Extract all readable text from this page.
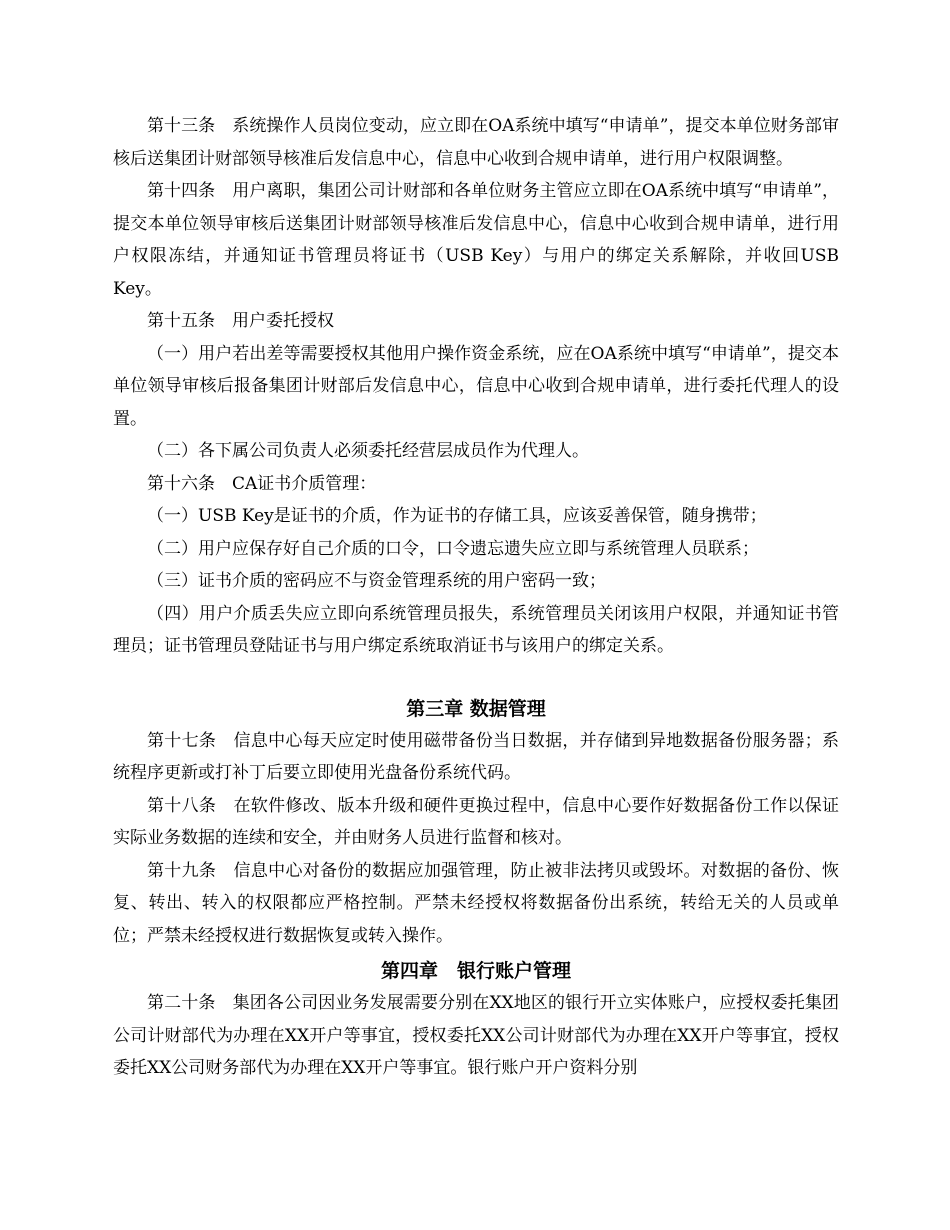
第十三条　系统操作人员岗位变动，应立即在OA系统中填写“申请单”，提交本单位财务部审核后送集团计财部领导核准后发信息中心，信息中心收到合规申请单，进行用户权限调整。

第十四条　用户离职，集团公司计财部和各单位财务主管应立即在OA系统中填写“申请单”，提交本单位领导审核后送集团计财部领导核准后发信息中心，信息中心收到合规申请单，进行用户权限冻结，并通知证书管理员将证书（USB Key）与用户的绑定关系解除，并收回USB Key。

第十五条　用户委托授权

（一）用户若出差等需要授权其他用户操作资金系统，应在OA系统中填写“申请单”，提交本单位领导审核后报备集团计财部后发信息中心，信息中心收到合规申请单，进行委托代理人的设置。

（二）各下属公司负责人必须委托经营层成员作为代理人。

第十六条　CA证书介质管理：

（一）USB Key是证书的介质，作为证书的存储工具，应该妥善保管，随身携带；

（二）用户应保存好自己介质的口令，口令遗忘遗失应立即与系统管理人员联系；

（三）证书介质的密码应不与资金管理系统的用户密码一致；

（四）用户介质丢失应立即向系统管理员报失，系统管理员关闭该用户权限，并通知证书管理员；证书管理员登陆证书与用户绑定系统取消证书与该用户的绑定关系。

第三章 数据管理

第十七条　信息中心每天应定时使用磁带备份当日数据，并存储到异地数据备份服务器；系统程序更新或打补丁后要立即使用光盘备份系统代码。

第十八条　在软件修改、版本升级和硬件更换过程中，信息中心要作好数据备份工作以保证实际业务数据的连续和安全，并由财务人员进行监督和核对。

第十九条　信息中心对备份的数据应加强管理，防止被非法拷贝或毁坏。对数据的备份、恢复、转出、转入的权限都应严格控制。严禁未经授权将数据备份出系统，转给无关的人员或单位；严禁未经授权进行数据恢复或转入操作。

第四章　银行账户管理

第二十条　集团各公司因业务发展需要分别在XX地区的银行开立实体账户，应授权委托集团公司计财部代为办理在XX开户等事宜，授权委托XX公司计财部代为办理在XX开户等事宜，授权委托XX公司财务部代为办理在XX开户等事宜。银行账户开户资料分别
